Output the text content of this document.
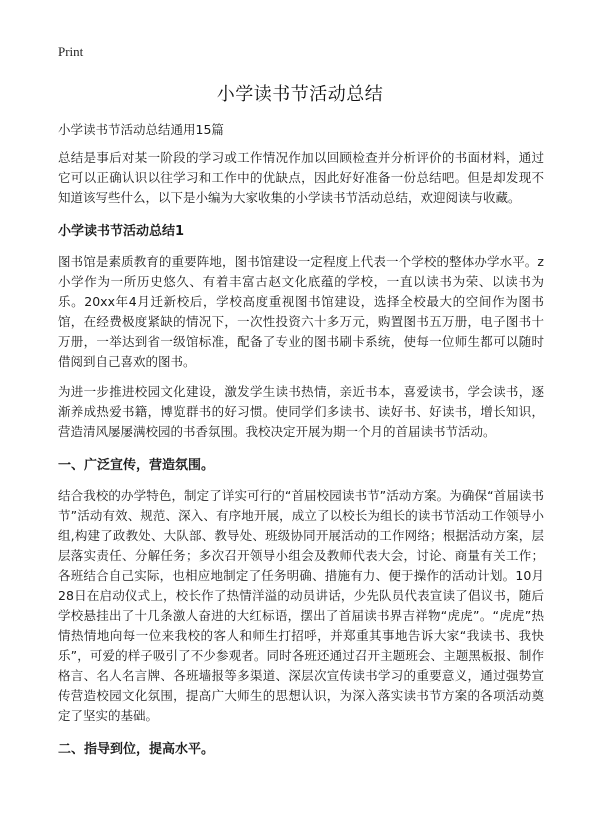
Print
小学读书节活动总结

小学读书节活动总结通用15篇

总结是事后对某一阶段的学习或工作情况作加以回顾检查并分析评价的书面材料，通过它可以正确认识以往学习和工作中的优缺点，因此好好准备一份总结吧。但是却发现不知道该写些什么，以下是小编为大家收集的小学读书节活动总结，欢迎阅读与收藏。

小学读书节活动总结1

图书馆是素质教育的重要阵地，图书馆建设一定程度上代表一个学校的整体办学水平。z小学作为一所历史悠久、有着丰富古赵文化底蕴的学校，一直以读书为荣、以读书为乐。20xx年4月迁新校后，学校高度重视图书馆建设，选择全校最大的空间作为图书馆，在经费极度紧缺的情况下，一次性投资六十多万元，购置图书五万册，电子图书十万册，一举达到省一级馆标准，配备了专业的图书刷卡系统，使每一位师生都可以随时借阅到自己喜欢的图书。

为进一步推进校园文化建设，激发学生读书热情，亲近书本，喜爱读书，学会读书，逐渐养成热爱书籍，博览群书的好习惯。使同学们多读书、读好书、好读书，增长知识，营造清风屡屡满校园的书香氛围。我校决定开展为期一个月的首届读书节活动。

一、广泛宣传，营造氛围。

结合我校的办学特色，制定了详实可行的“首届校园读书节”活动方案。为确保“首届读书节”活动有效、规范、深入、有序地开展，成立了以校长为组长的读书节活动工作领导小组,构建了政教处、大队部、教导处、班级协同开展活动的工作网络；根据活动方案，层层落实责任、分解任务；多次召开领导小组会及教师代表大会，讨论、商量有关工作；各班结合自己实际，也相应地制定了任务明确、措施有力、便于操作的活动计划。10月28日在启动仪式上，校长作了热情洋溢的动员讲话，少先队员代表宣读了倡议书，随后学校悬挂出了十几条激人奋进的大红标语，摆出了首届读书界吉祥物“虎虎”。“虎虎”热情热情地向每一位来我校的客人和师生打招呼，并郑重其事地告诉大家“我读书、我快乐”，可爱的样子吸引了不少参观者。同时各班还通过召开主题班会、主题黑板报、制作格言、名人名言牌、各班墙报等多渠道、深层次宣传读书学习的重要意义，通过强势宣传营造校园文化氛围，提高广大师生的思想认识，为深入落实读书节方案的各项活动奠定了坚实的基础。

二、指导到位，提高水平。
